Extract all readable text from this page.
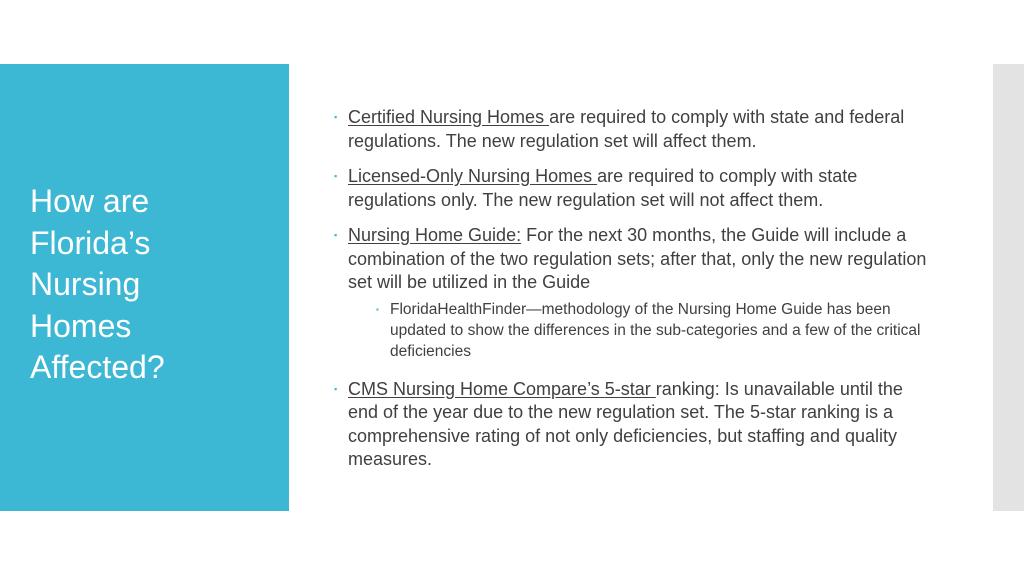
How are
Florida’s
Nursing
Homes
Affected?
▪ Certified Nursing Homes are required to comply with state and federal regulations. The new regulation set will affect them.
▪ Licensed-Only Nursing Homes are required to comply with state regulations only. The new regulation set will not affect them.
▪ Nursing Home Guide: For the next 30 months, the Guide will include a combination of the two regulation sets; after that, only the new regulation set will be utilized in the Guide
▪ FloridaHealthFinder—methodology of the Nursing Home Guide has been updated to show the differences in the sub-categories and a few of the critical deficiencies
▪ CMS Nursing Home Compare’s 5-star ranking: Is unavailable until the end of the year due to the new regulation set. The 5-star ranking is a comprehensive rating of not only deficiencies, but staffing and quality measures.
